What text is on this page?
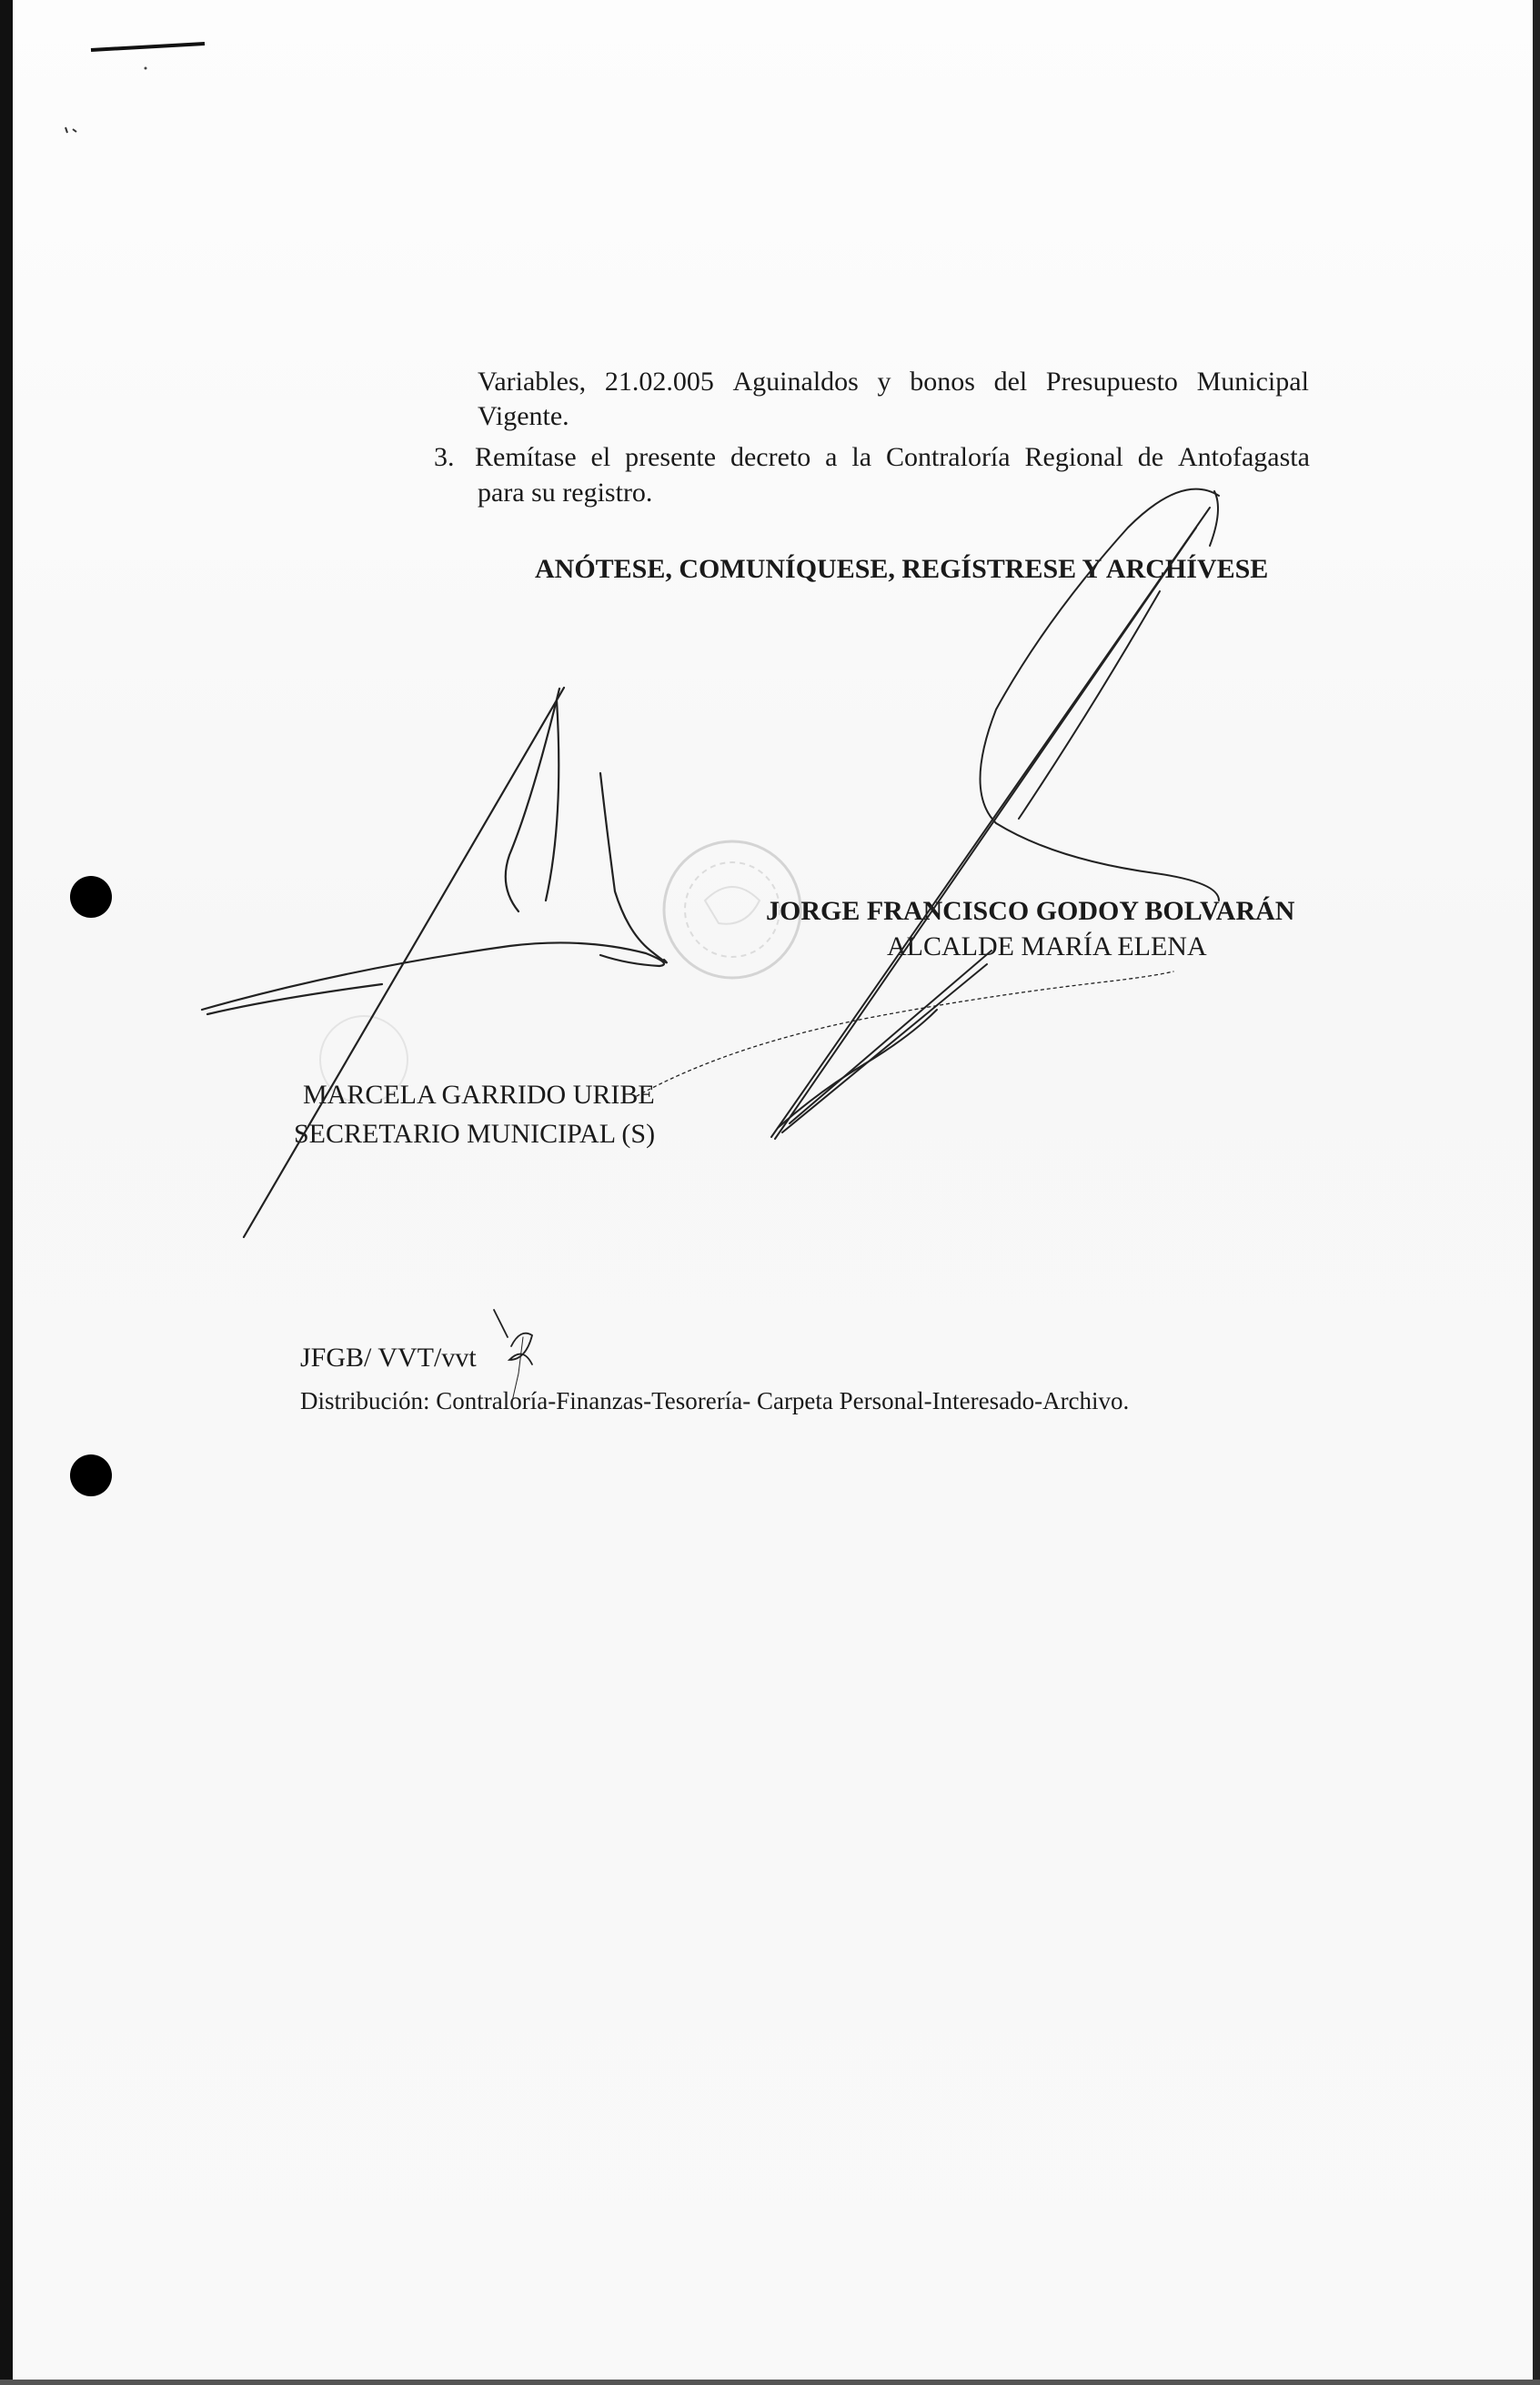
Variables, 21.02.005 Aguinaldos y bonos del Presupuesto Municipal
Vigente.
3. Remítase el presente decreto a la Contraloría Regional de Antofagasta
para su registro.
ANÓTESE, COMUNÍQUESE, REGÍSTRESE Y ARCHÍVESE
JORGE FRANCISCO GODOY BOLVARÁN
ALCALDE MARÍA ELENA
MARCELA GARRIDO URIBE
SECRETARIO MUNICIPAL (S)
JFGB/ VVT/vvt
Distribución: Contraloría-Finanzas-Tesorería- Carpeta Personal-Interesado-Archivo.
